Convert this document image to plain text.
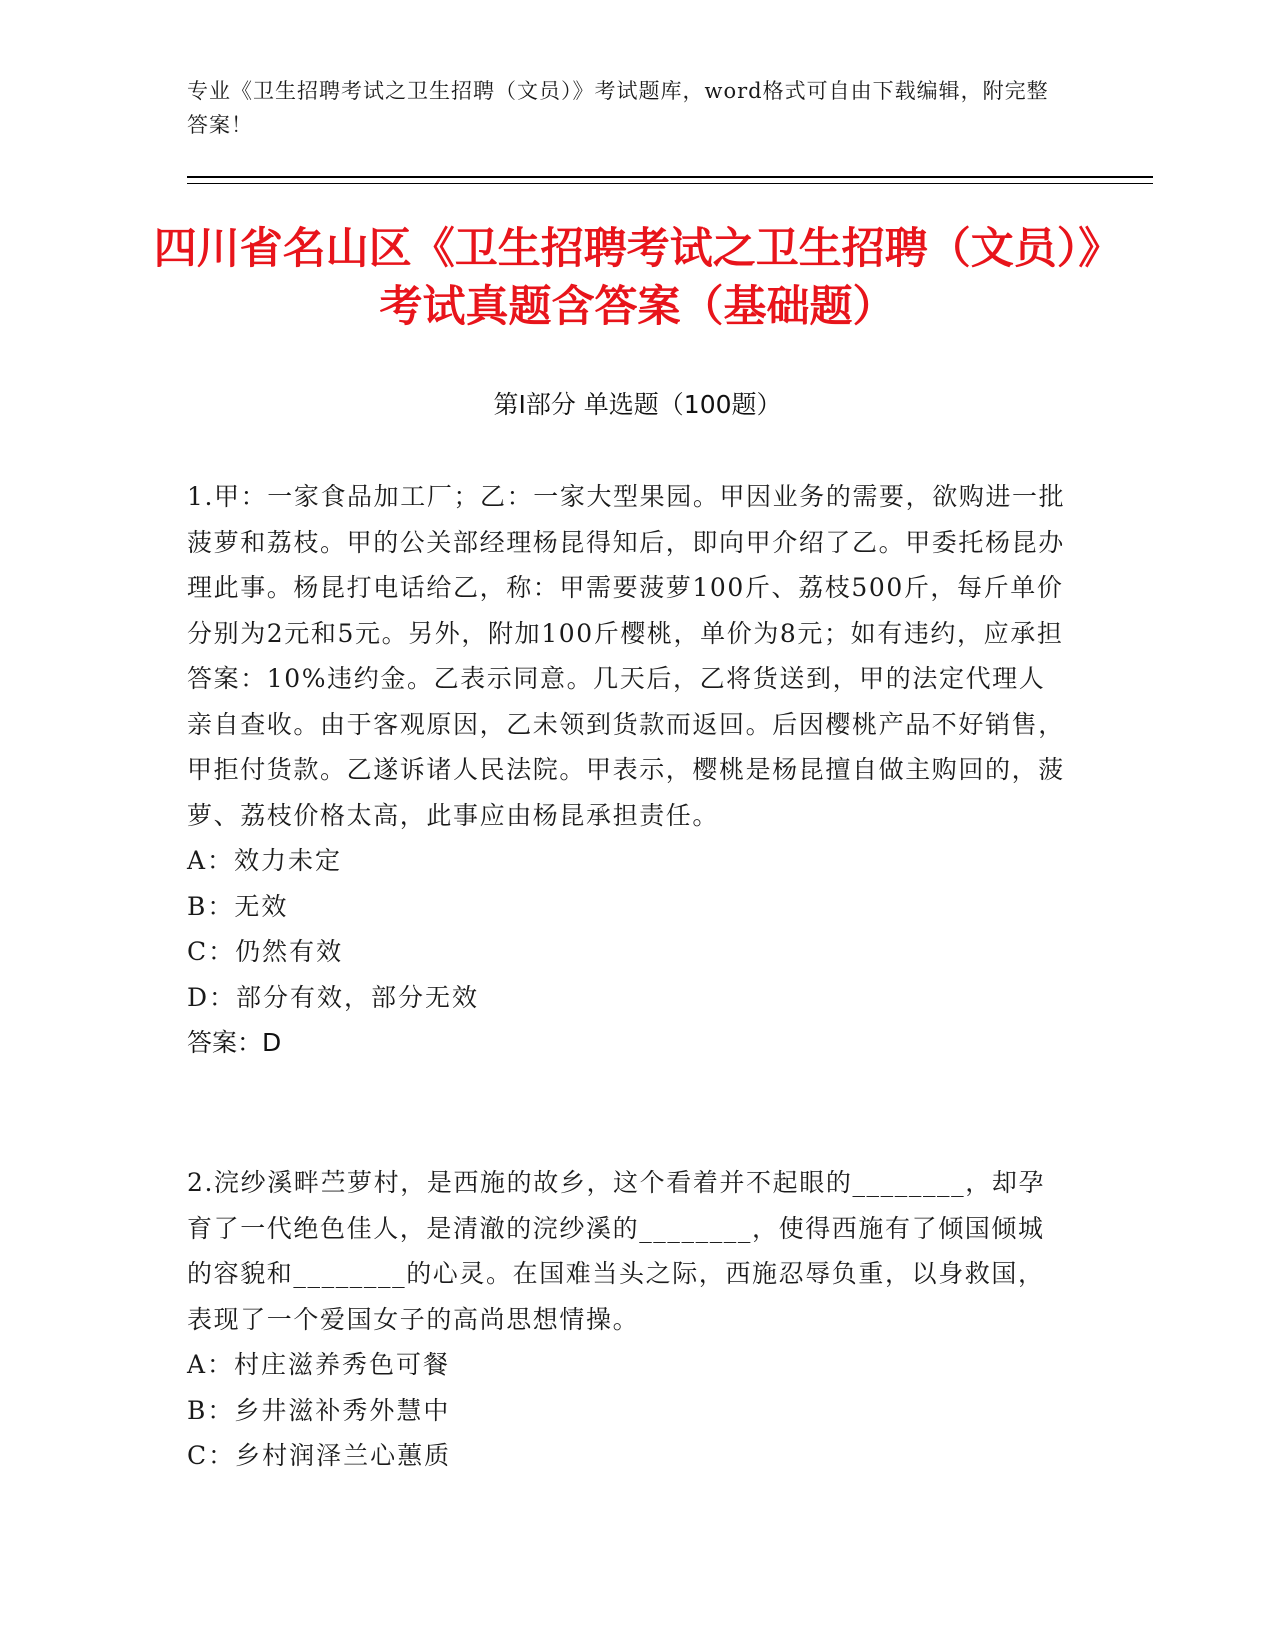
专业《卫生招聘考试之卫生招聘（文员）》考试题库，word格式可自由下载编辑，附完整答案！
四川省名山区《卫生招聘考试之卫生招聘（文员）》考试真题含答案（基础题）
第Ⅰ部分 单选题（100题）

1.甲：一家食品加工厂；乙：一家大型果园。甲因业务的需要，欲购进一批菠萝和荔枝。甲的公关部经理杨昆得知后，即向甲介绍了乙。甲委托杨昆办理此事。杨昆打电话给乙，称：甲需要菠萝100斤、荔枝500斤，每斤单价分别为2元和5元。另外，附加100斤樱桃，单价为8元；如有违约，应承担答案：10%违约金。乙表示同意。几天后，乙将货送到，甲的法定代理人亲自查收。由于客观原因，乙未领到货款而返回。后因樱桃产品不好销售，甲拒付货款。乙遂诉诸人民法院。甲表示，樱桃是杨昆擅自做主购回的，菠萝、荔枝价格太高，此事应由杨昆承担责任。

A：效力未定

B：无效

C：仍然有效

D：部分有效，部分无效

答案：D

2.浣纱溪畔苎萝村，是西施的故乡，这个看着并不起眼的________，却孕育了一代绝色佳人，是清澈的浣纱溪的________，使得西施有了倾国倾城的容貌和________的心灵。在国难当头之际，西施忍辱负重，以身救国，表现了一个爱国女子的高尚思想情操。

A：村庄滋养秀色可餐

B：乡井滋补秀外慧中

C：乡村润泽兰心蕙质
